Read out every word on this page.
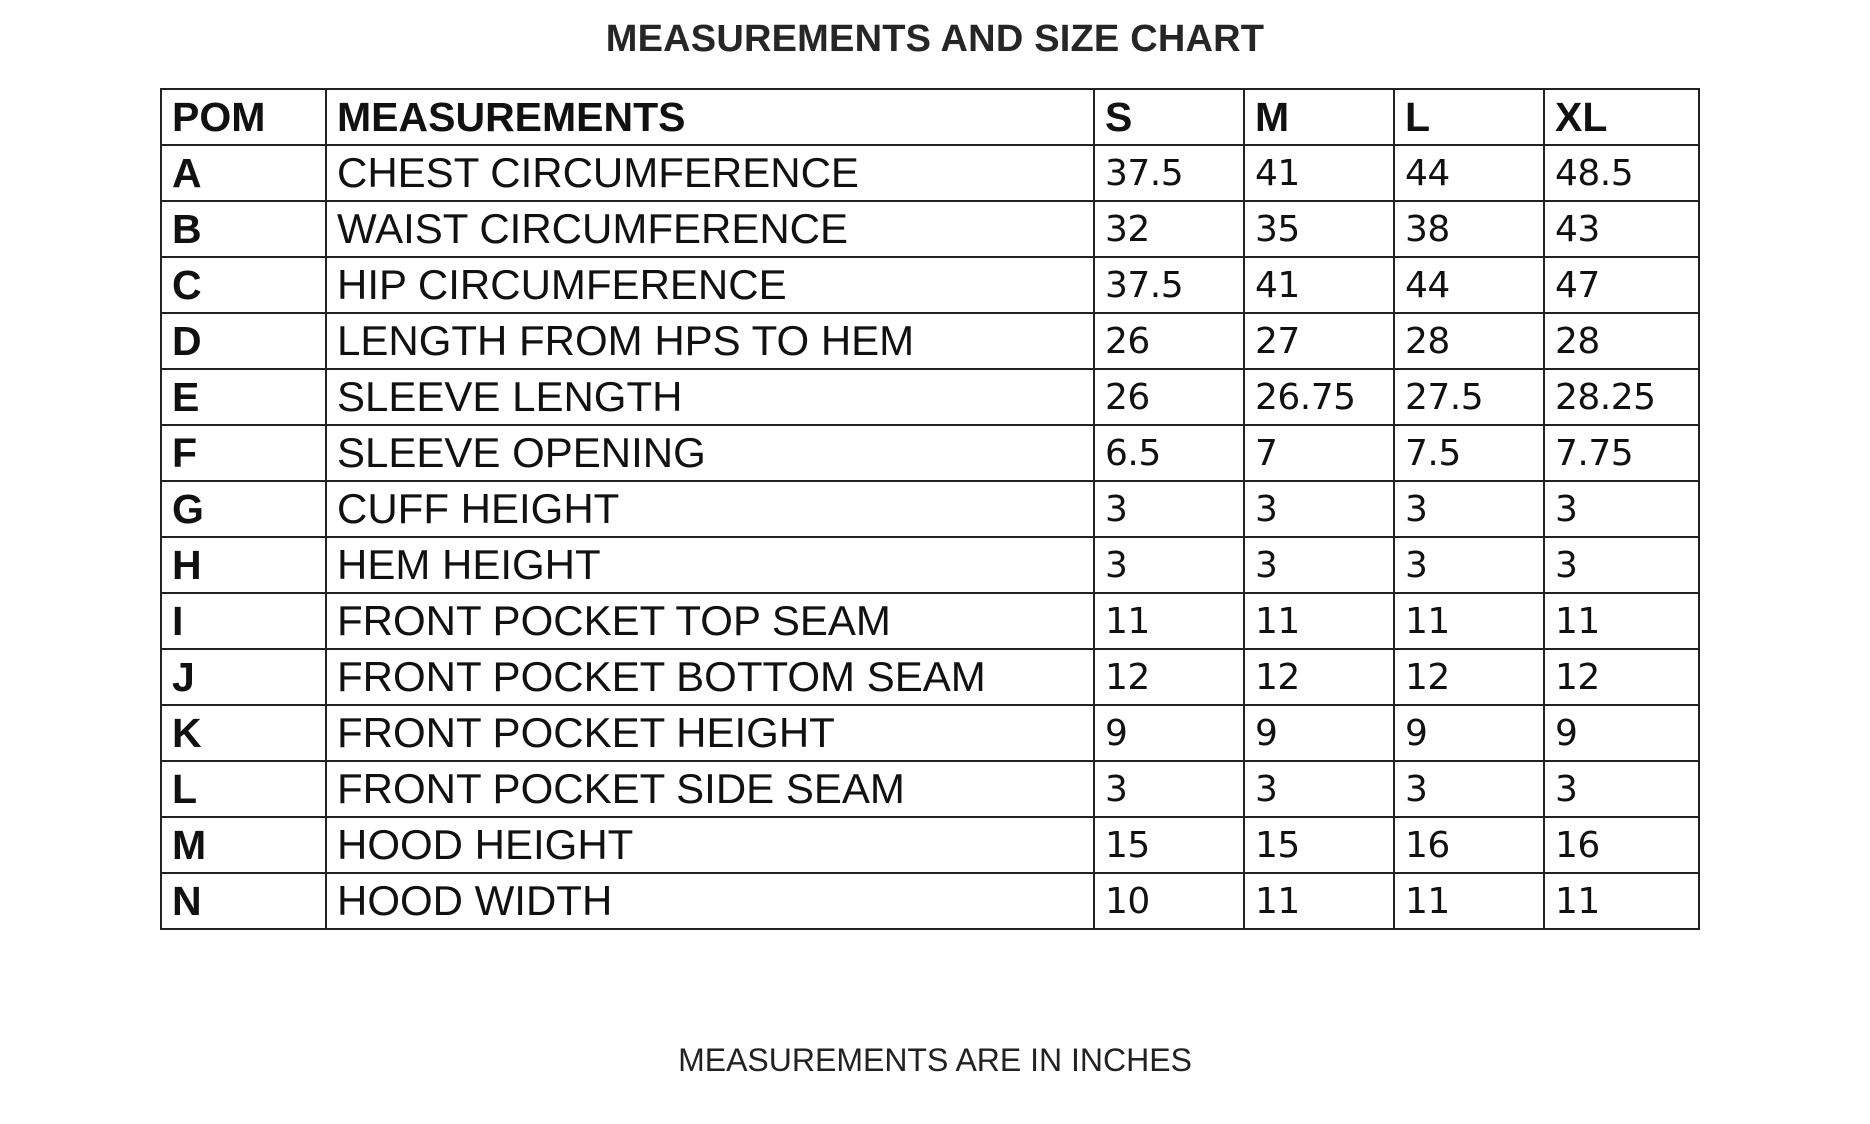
MEASUREMENTS AND SIZE CHART
POM	MEASUREMENTS	S	M	L	XL
A	CHEST CIRCUMFERENCE	37.5	41	44	48.5
B	WAIST CIRCUMFERENCE	32	35	38	43
C	HIP CIRCUMFERENCE	37.5	41	44	47
D	LENGTH FROM HPS TO HEM	26	27	28	28
E	SLEEVE LENGTH	26	26.75	27.5	28.25
F	SLEEVE OPENING	6.5	7	7.5	7.75
G	CUFF HEIGHT	3	3	3	3
H	HEM HEIGHT	3	3	3	3
I	FRONT POCKET TOP SEAM	11	11	11	11
J	FRONT POCKET BOTTOM SEAM	12	12	12	12
K	FRONT POCKET HEIGHT	9	9	9	9
L	FRONT POCKET SIDE SEAM	3	3	3	3
M	HOOD HEIGHT	15	15	16	16
N	HOOD WIDTH	10	11	11	11
MEASUREMENTS ARE IN INCHES
